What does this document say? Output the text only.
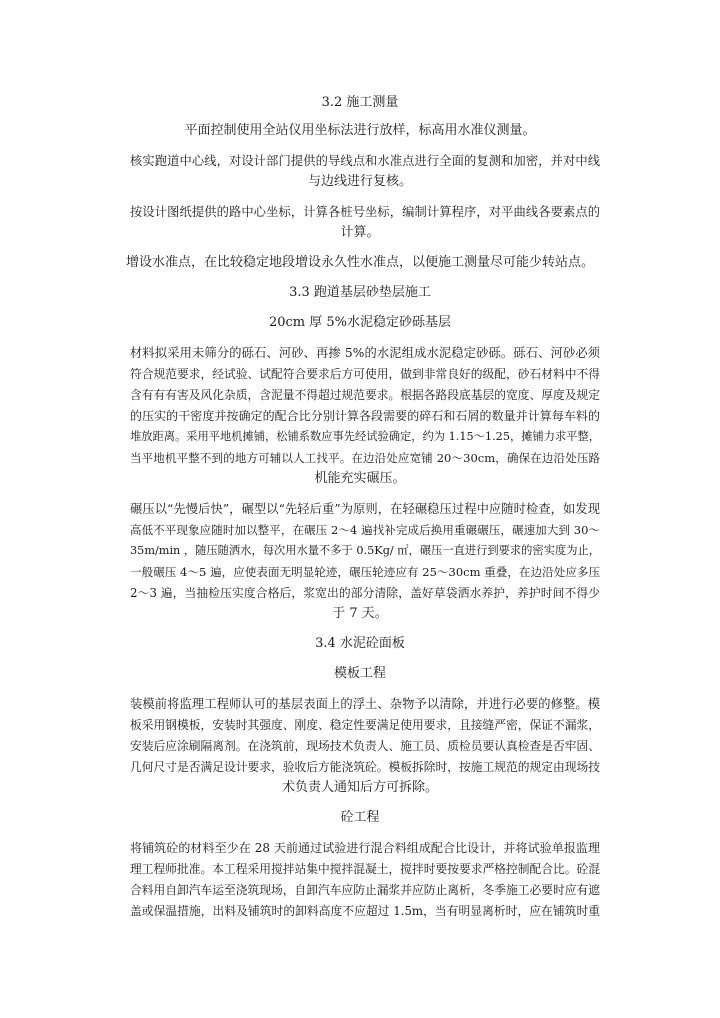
3.2 施工测量
平面控制使用全站仪用坐标法进行放样，标高用水准仪测量。
核实跑道中心线，对设计部门提供的导线点和水准点进行全面的复测和加密，并对中线
与边线进行复核。
按设计图纸提供的路中心坐标，计算各桩号坐标，编制计算程序，对平曲线各要素点的
计算。
增设水准点，在比较稳定地段增设永久性水准点，以便施工测量尽可能少转站点。
3.3 跑道基层砂垫层施工
20cm 厚 5%水泥稳定砂砾基层
材料拟采用未筛分的砾石、河砂、再掺 5%的水泥组成水泥稳定砂砾。砾石、河砂必须
符合规范要求，经试验、试配符合要求后方可使用，做到非常良好的级配，砂石材料中不得
含有有有害及风化杂质，含泥量不得超过规范要求。根据各路段底基层的宽度、厚度及规定
的压实的干密度并按确定的配合比分别计算各段需要的碎石和石屑的数量并计算每车料的
堆放距离。采用平地机摊铺，松铺系数应事先经试验确定，约为 1.15～1.25，摊铺力求平整，
当平地机平整不到的地方可辅以人工找平。在边沿处应宽铺 20～30cm，确保在边沿处压路
机能充实碾压。
碾压以“先慢后快”，碾型以“先轻后重”为原则，在轻碾稳压过程中应随时检查，如发现
高低不平现象应随时加以整平，在碾压 2～4 遍找补完成后换用重碾碾压，碾速加大到 30～
35m/min ，随压随洒水，每次用水量不多于 0.5Kg/ ㎡，碾压一直进行到要求的密实度为止，
一般碾压 4～5 遍，应使表面无明显轮迹，碾压轮迹应有 25～30cm 重叠，在边沿处应多压
2～3 遍，当抽检压实度合格后，浆宽出的部分清除，盖好草袋洒水养护，养护时间不得少
于 7 天。
3.4 水泥砼面板
模板工程
装模前将监理工程师认可的基层表面上的浮土、杂物予以清除，并进行必要的修整。模
板采用钢模板，安装时其强度、刚度、稳定性要满足使用要求，且接缝严密，保证不漏浆，
安装后应涂刷隔离剂。在浇筑前，现场技术负责人、施工员、质检员要认真检查是否牢固、
几何尺寸是否满足设计要求，验收后方能浇筑砼。模板拆除时，按施工规范的规定由现场技
术负责人通知后方可拆除。
砼工程
将铺筑砼的材料至少在 28 天前通过试验进行混合料组成配合比设计，并将试验单报监理
理工程师批准。本工程采用搅拌站集中搅拌混凝土，搅拌时要按要求严格控制配合比。砼混
合料用自卸汽车运至浇筑现场，自卸汽车应防止漏浆并应防止离析，冬季施工必要时应有遮
盖或保温措施，出料及铺筑时的卸料高度不应超过 1.5m，当有明显离析时，应在铺筑时重
